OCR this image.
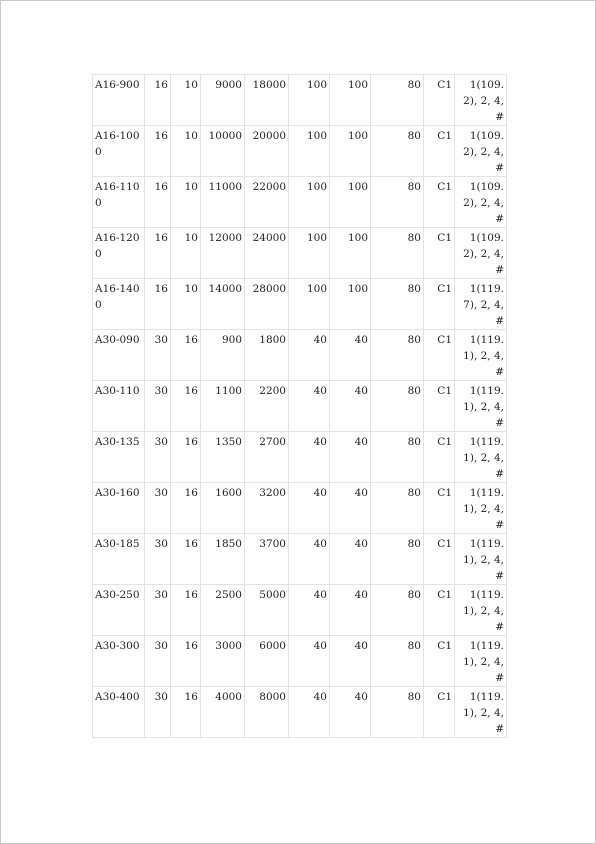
A16-900	16	10	9000	18000	100	100	80	C1	1(109.2), 2, 4, #
A16-1000	16	10	10000	20000	100	100	80	C1	1(109.2), 2, 4, #
A16-1100	16	10	11000	22000	100	100	80	C1	1(109.2), 2, 4, #
A16-1200	16	10	12000	24000	100	100	80	C1	1(109.2), 2, 4, #
A16-1400	16	10	14000	28000	100	100	80	C1	1(119.7), 2, 4, #
A30-090	30	16	900	1800	40	40	80	C1	1(119.1), 2, 4, #
A30-110	30	16	1100	2200	40	40	80	C1	1(119.1), 2, 4, #
A30-135	30	16	1350	2700	40	40	80	C1	1(119.1), 2, 4, #
A30-160	30	16	1600	3200	40	40	80	C1	1(119.1), 2, 4, #
A30-185	30	16	1850	3700	40	40	80	C1	1(119.1), 2, 4, #
A30-250	30	16	2500	5000	40	40	80	C1	1(119.1), 2, 4, #
A30-300	30	16	3000	6000	40	40	80	C1	1(119.1), 2, 4, #
A30-400	30	16	4000	8000	40	40	80	C1	1(119.1), 2, 4, #
